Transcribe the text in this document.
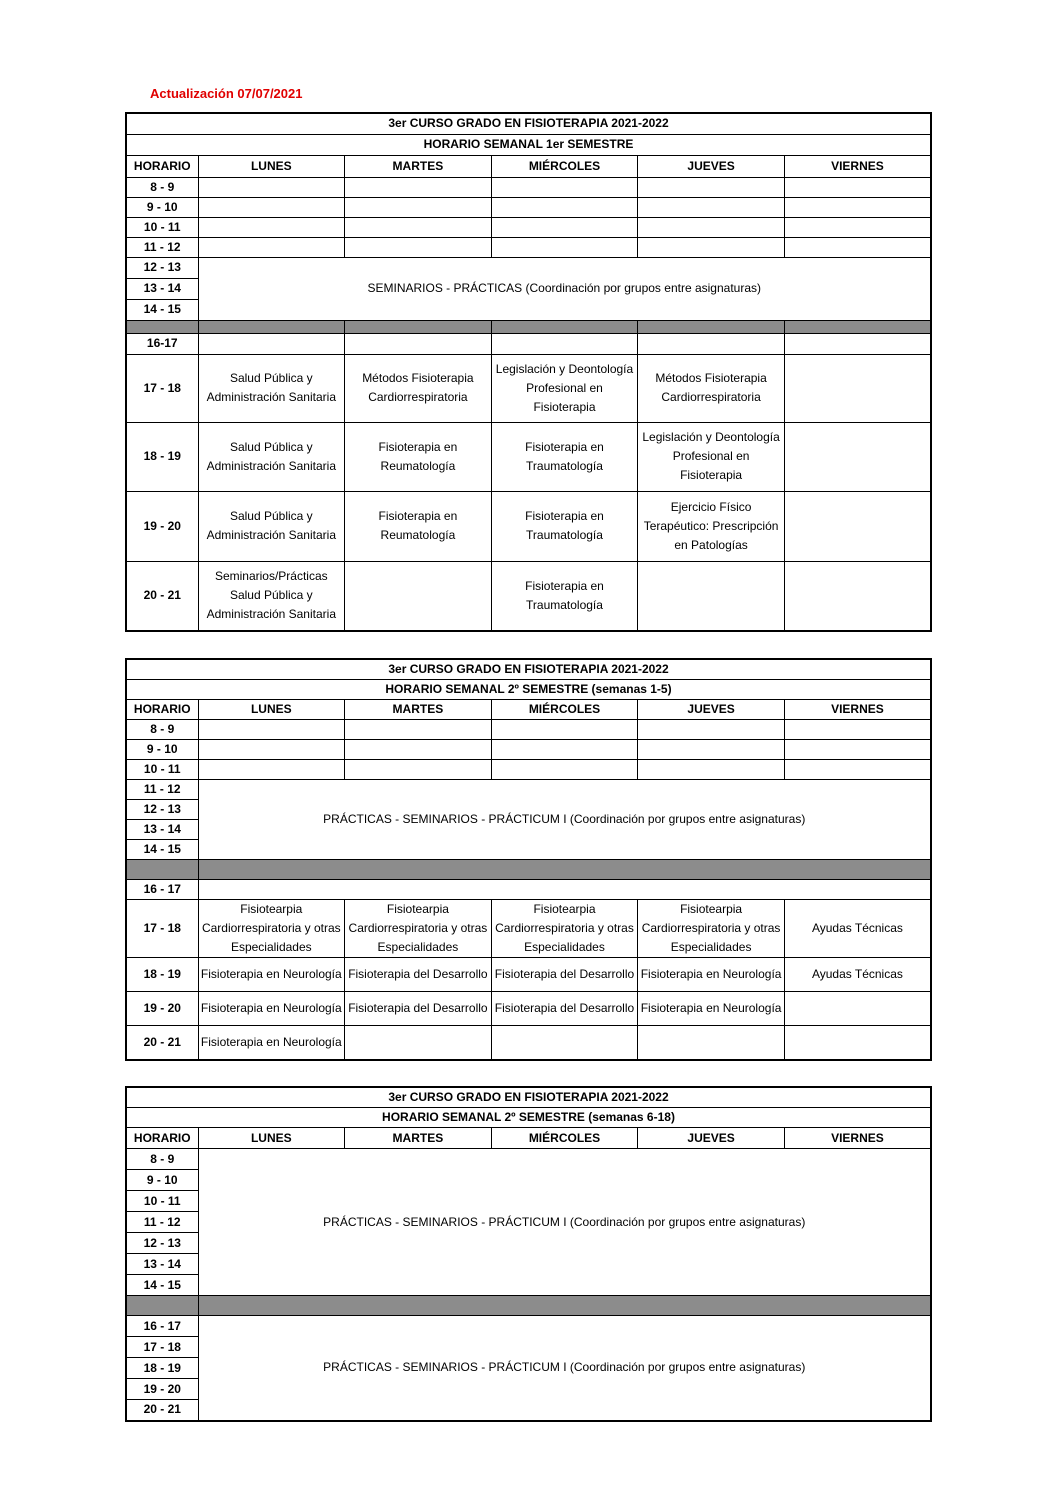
Actualización 07/07/2021
3er CURSO GRADO EN FISIOTERAPIA 2021-2022					
HORARIO SEMANAL 1er SEMESTRE					
HORARIO	LUNES	MARTES	MIÉRCOLES	JUEVES	VIERNES
8 - 9					
9 - 10					
10 - 11					
11 - 12					
12 - 13	SEMINARIOS - PRÁCTICAS (Coordinación por grupos entre asignaturas)				
13 - 14					
14 - 15					

16-17					
17 - 18	Salud Pública y Administración Sanitaria	Métodos Fisioterapia Cardiorrespiratoria	Legislación y Deontología Profesional en Fisioterapia	Métodos Fisioterapia Cardiorrespiratoria	
18 - 19	Salud Pública y Administración Sanitaria	Fisioterapia en Reumatología	Fisioterapia en Traumatología	Legislación y Deontología Profesional en Fisioterapia	
19 - 20	Salud Pública y Administración Sanitaria	Fisioterapia en Reumatología	Fisioterapia en Traumatología	Ejercicio Físico Terapéutico: Prescripción en Patologías	
20 - 21	Seminarios/Prácticas Salud Pública y Administración Sanitaria		Fisioterapia en Traumatología		
3er CURSO GRADO EN FISIOTERAPIA 2021-2022					
HORARIO SEMANAL 2º SEMESTRE (semanas 1-5)					
HORARIO	LUNES	MARTES	MIÉRCOLES	JUEVES	VIERNES
8 - 9					
9 - 10					
10 - 11					
11 - 12	PRÁCTICAS - SEMINARIOS - PRÁCTICUM I (Coordinación por grupos entre asignaturas)				
12 - 13					
13 - 14					
14 - 15					

16 - 17					
17 - 18	Fisiotearpia Cardiorrespiratoria y otras Especialidades	Fisiotearpia Cardiorrespiratoria y otras Especialidades	Fisiotearpia Cardiorrespiratoria y otras Especialidades	Fisiotearpia Cardiorrespiratoria y otras Especialidades	Ayudas Técnicas
18 - 19	Fisioterapia en Neurología	Fisioterapia del Desarrollo	Fisioterapia del Desarrollo	Fisioterapia en Neurología	Ayudas Técnicas
19 - 20	Fisioterapia en Neurología	Fisioterapia del Desarrollo	Fisioterapia del Desarrollo	Fisioterapia en Neurología	
20 - 21	Fisioterapia en Neurología				
3er CURSO GRADO EN FISIOTERAPIA 2021-2022					
HORARIO SEMANAL 2º SEMESTRE (semanas 6-18)					
HORARIO	LUNES	MARTES	MIÉRCOLES	JUEVES	VIERNES
8 - 9	PRÁCTICAS - SEMINARIOS - PRÁCTICUM I (Coordinación por grupos entre asignaturas)				
9 - 10					
10 - 11					
11 - 12					
12 - 13					
13 - 14					
14 - 15					

16 - 17	PRÁCTICAS - SEMINARIOS - PRÁCTICUM I (Coordinación por grupos entre asignaturas)				
17 - 18					
18 - 19					
19 - 20					
20 - 21					
